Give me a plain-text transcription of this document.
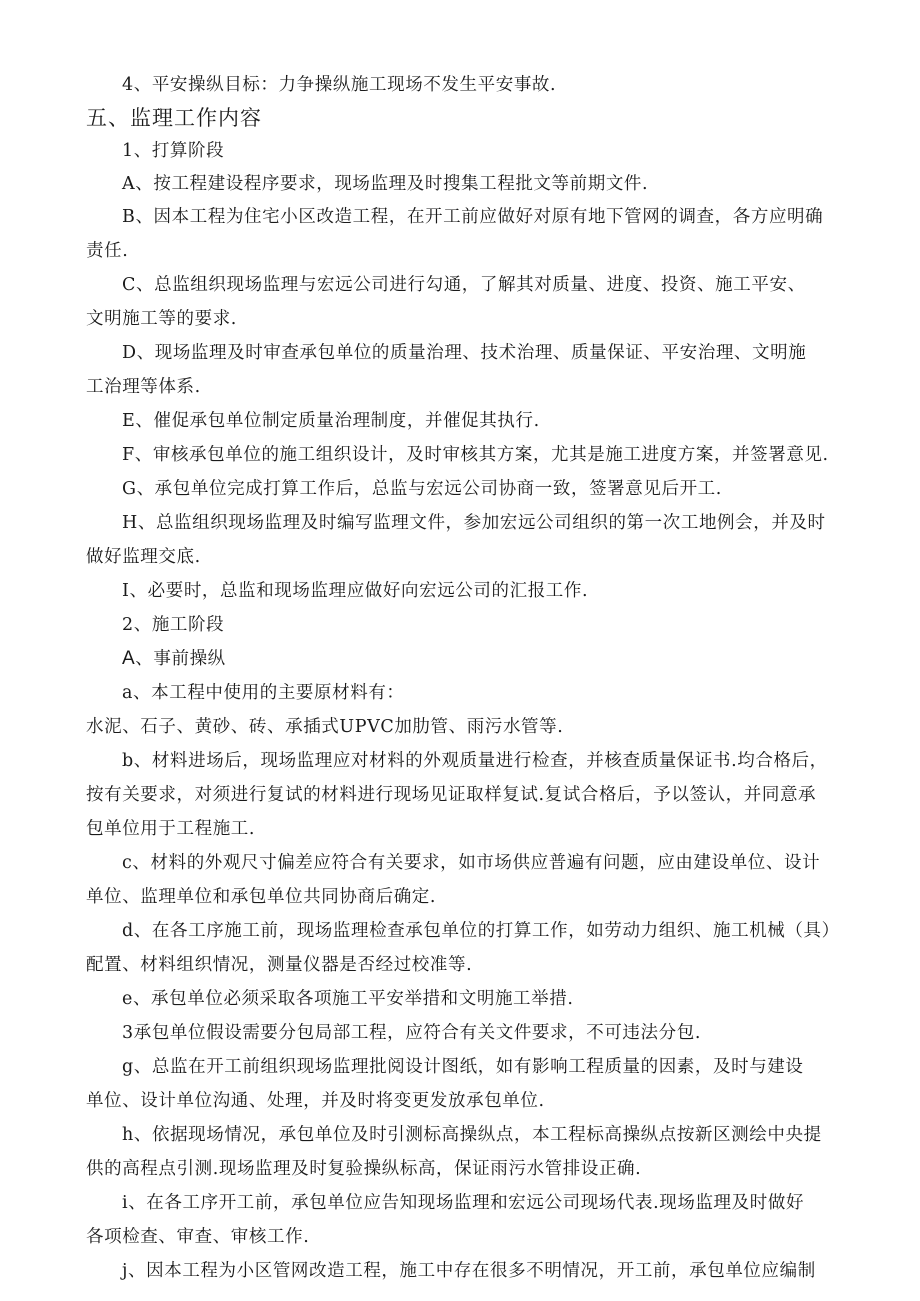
4、平安操纵目标：力争操纵施工现场不发生平安事故.

五、监理工作内容

1、打算阶段

A、按工程建设程序要求，现场监理及时搜集工程批文等前期文件.

B、因本工程为住宅小区改造工程，在开工前应做好对原有地下管网的调查，各方应明确

责任.

C、总监组织现场监理与宏远公司进行勾通，了解其对质量、进度、投资、施工平安、

文明施工等的要求.

D、现场监理及时审查承包单位的质量治理、技术治理、质量保证、平安治理、文明施

工治理等体系.

E、催促承包单位制定质量治理制度，并催促其执行.

F、审核承包单位的施工组织设计，及时审核其方案，尤其是施工进度方案，并签署意见.

G、承包单位完成打算工作后，总监与宏远公司协商一致，签署意见后开工.

H、总监组织现场监理及时编写监理文件，参加宏远公司组织的第一次工地例会，并及时

做好监理交底.

I、必要时，总监和现场监理应做好向宏远公司的汇报工作.

2、施工阶段

A、事前操纵

a、本工程中使用的主要原材料有：

水泥、石子、黄砂、砖、承插式UPVC加肋管、雨污水管等.

b、材料进场后，现场监理应对材料的外观质量进行检查，并核查质量保证书.均合格后，

按有关要求，对须进行复试的材料进行现场见证取样复试.复试合格后，予以签认，并同意承

包单位用于工程施工.

c、材料的外观尺寸偏差应符合有关要求，如市场供应普遍有问题，应由建设单位、设计

单位、监理单位和承包单位共同协商后确定.

d、在各工序施工前，现场监理检查承包单位的打算工作，如劳动力组织、施工机械（具）

配置、材料组织情况，测量仪器是否经过校准等.

e、承包单位必须采取各项施工平安举措和文明施工举措.

3承包单位假设需要分包局部工程，应符合有关文件要求，不可违法分包.

g、总监在开工前组织现场监理批阅设计图纸，如有影响工程质量的因素，及时与建设

单位、设计单位沟通、处理，并及时将变更发放承包单位.

h、依据现场情况，承包单位及时引测标高操纵点，本工程标高操纵点按新区测绘中央提

供的高程点引测.现场监理及时复验操纵标高，保证雨污水管排设正确.

i、在各工序开工前，承包单位应告知现场监理和宏远公司现场代表.现场监理及时做好

各项检查、审查、审核工作.

j、因本工程为小区管网改造工程，施工中存在很多不明情况，开工前，承包单位应编制
